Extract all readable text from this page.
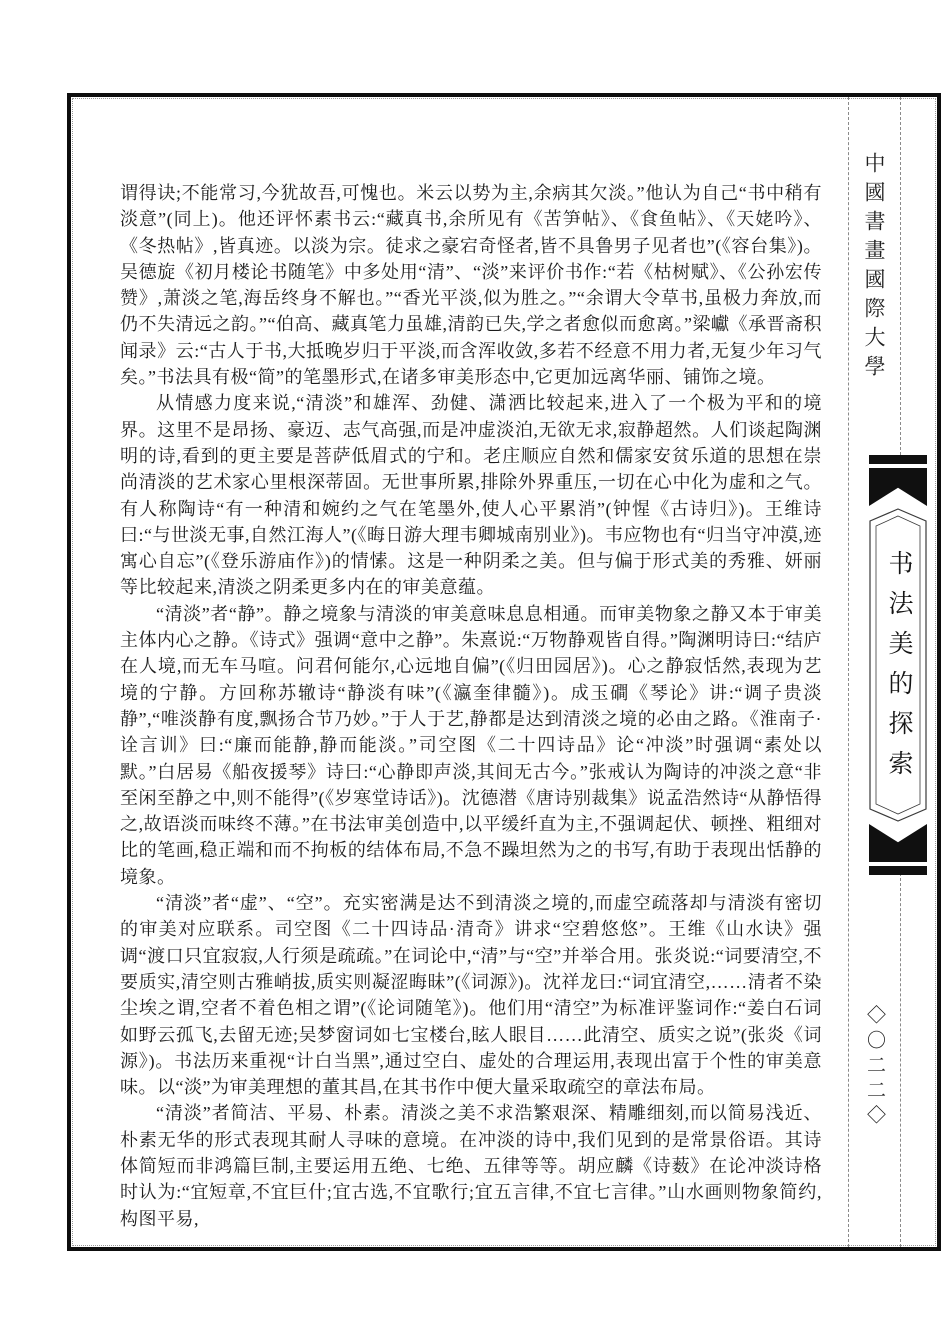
谓得诀;不能常习,今犹故吾,可愧也。米云以势为主,余病其欠淡。”他认为自己“书中稍有淡意”(同上)。他还评怀素书云:“藏真书,余所见有《苦笋帖》、《食鱼帖》、《天姥吟》、《冬热帖》,皆真迹。以淡为宗。徒求之豪宕奇怪者,皆不具鲁男子见者也”(《容台集》)。吴德旋《初月楼论书随笔》中多处用“清”、“淡”来评价书作:“若《枯树赋》、《公孙宏传赞》,萧淡之笔,海岳终身不解也。”“香光平淡,似为胜之。”“余谓大令草书,虽极力奔放,而仍不失清远之韵。”“伯高、藏真笔力虽雄,清韵已失,学之者愈似而愈离。”梁巘《承晋斋积闻录》云:“古人于书,大抵晚岁归于平淡,而含浑收敛,多若不经意不用力者,无复少年习气矣。”书法具有极“简”的笔墨形式,在诸多审美形态中,它更加远离华丽、铺饰之境。

从情感力度来说,“清淡”和雄浑、劲健、潇洒比较起来,进入了一个极为平和的境界。这里不是昂扬、豪迈、志气高强,而是冲虚淡泊,无欲无求,寂静超然。人们谈起陶渊明的诗,看到的更主要是菩萨低眉式的宁和。老庄顺应自然和儒家安贫乐道的思想在崇尚清淡的艺术家心里根深蒂固。无世事所累,排除外界重压,一切在心中化为虚和之气。有人称陶诗“有一种清和婉约之气在笔墨外,使人心平累消”(钟惺《古诗归》)。王维诗曰:“与世淡无事,自然江海人”(《晦日游大理韦卿城南别业》)。韦应物也有“归当守冲漠,迹寓心自忘”(《登乐游庙作》)的情愫。这是一种阴柔之美。但与偏于形式美的秀雅、妍丽等比较起来,清淡之阴柔更多内在的审美意蕴。

“清淡”者“静”。静之境象与清淡的审美意味息息相通。而审美物象之静又本于审美主体内心之静。《诗式》强调“意中之静”。朱熹说:“万物静观皆自得。”陶渊明诗曰:“结庐在人境,而无车马喧。问君何能尔,心远地自偏”(《归田园居》)。心之静寂恬然,表现为艺境的宁静。方回称苏辙诗“静淡有味”(《瀛奎律髓》)。成玉磵《琴论》讲:“调子贵淡静”,“唯淡静有度,飘扬合节乃妙。”于人于艺,静都是达到清淡之境的必由之路。《淮南子·诠言训》曰:“廉而能静,静而能淡。”司空图《二十四诗品》论“冲淡”时强调“素处以默。”白居易《船夜援琴》诗曰:“心静即声淡,其间无古今。”张戒认为陶诗的冲淡之意“非至闲至静之中,则不能得”(《岁寒堂诗话》)。沈德潜《唐诗别裁集》说孟浩然诗“从静悟得之,故语淡而味终不薄。”在书法审美创造中,以平缓纤直为主,不强调起伏、顿挫、粗细对比的笔画,稳正端和而不拘板的结体布局,不急不躁坦然为之的书写,有助于表现出恬静的境象。

“清淡”者“虚”、“空”。充实密满是达不到清淡之境的,而虚空疏落却与清淡有密切的审美对应联系。司空图《二十四诗品·清奇》讲求“空碧悠悠”。王维《山水诀》强调“渡口只宜寂寂,人行须是疏疏。”在词论中,“清”与“空”并举合用。张炎说:“词要清空,不要质实,清空则古雅峭拔,质实则凝涩晦昧”(《词源》)。沈祥龙曰:“词宜清空,……清者不染尘埃之谓,空者不着色相之谓”(《论词随笔》)。他们用“清空”为标准评鉴词作:“姜白石词如野云孤飞,去留无迹;吴梦窗词如七宝楼台,眩人眼目……此清空、质实之说”(张炎《词源》)。书法历来重视“计白当黑”,通过空白、虚处的合理运用,表现出富于个性的审美意味。以“淡”为审美理想的董其昌,在其书作中便大量采取疏空的章法布局。

“清淡”者简洁、平易、朴素。清淡之美不求浩繁艰深、精雕细刻,而以简易浅近、朴素无华的形式表现其耐人寻味的意境。在冲淡的诗中,我们见到的是常景俗语。其诗体简短而非鸿篇巨制,主要运用五绝、七绝、五律等等。胡应麟《诗薮》在论冲淡诗格时认为:“宜短章,不宜巨什;宜古选,不宜歌行;宜五言律,不宜七言律。”山水画则物象简约,构图平易,

中國書畫國際大學
书法美的探索
◇〇二二◇
